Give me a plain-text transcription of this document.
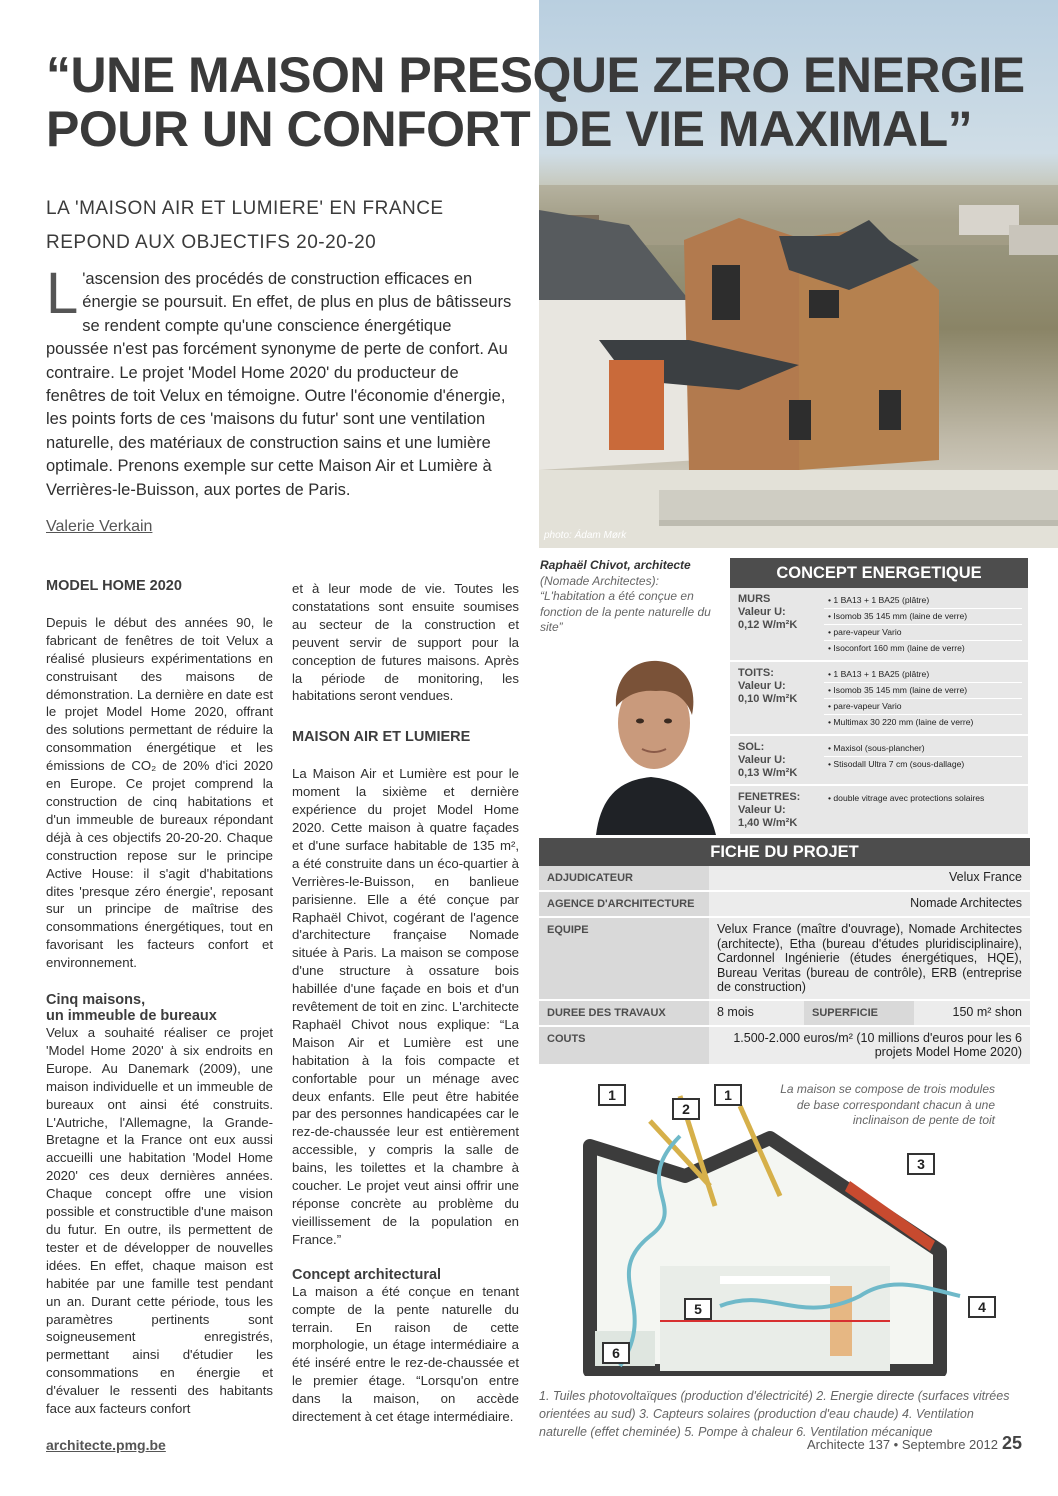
photo: Ádam Mørk
“UNE MAISON PRESQUE ZERO ENERGIE
POUR UN CONFORT DE VIE MAXIMAL”
LA 'MAISON AIR ET LUMIERE' EN FRANCE
REPOND AUX OBJECTIFS 20-20-20
L 'ascension des procédés de construction efficaces en énergie se poursuit. En effet, de plus en plus de bâtisseurs se rendent compte qu'une conscience énergétique poussée n'est pas forcément synonyme de perte de confort. Au contraire. Le projet 'Model Home 2020' du producteur de fenêtres de toit Velux en témoigne. Outre l'économie d'énergie, les points forts de ces 'maisons du futur' sont une ventilation naturelle, des matériaux de construction sains et une lumière optimale. Prenons exemple sur cette Maison Air et Lumière à Verrières-le-Buisson, aux portes de Paris.
Valerie Verkain
MODEL HOME 2020

Depuis le début des années 90, le fabricant de fenêtres de toit Velux a réalisé plusieurs expérimentations en construisant des maisons de démonstration. La dernière en date est le projet Model Home 2020, offrant des solutions permettant de réduire la consommation énergétique et les émissions de CO₂ de 20% d'ici 2020 en Europe. Ce projet comprend la construction de cinq habitations et d'un immeuble de bureaux répondant déjà à ces objectifs 20-20-20. Chaque construction repose sur le principe Active House: il s'agit d'habitations dites 'presque zéro énergie', reposant sur un principe de maîtrise des consommations énergétiques, tout en favorisant les facteurs confort et environnement.

Cinq maisons,
un immeuble de bureaux

Velux a souhaité réaliser ce projet 'Model Home 2020' à six endroits en Europe. Au Danemark (2009), une maison individuelle et un immeuble de bureaux ont ainsi été construits. L'Autriche, l'Allemagne, la Grande-Bretagne et la France ont eux aussi accueilli une habitation 'Model Home 2020' ces deux dernières années. Chaque concept offre une vision possible et constructible d'une maison du futur. En outre, ils permettent de tester et de développer de nouvelles idées. En effet, chaque maison est habitée par une famille test pendant un an. Durant cette période, tous les paramètres pertinents sont soigneusement enregistrés, permettant ainsi d'étudier les consommations en énergie et d'évaluer le ressenti des habitants face aux facteurs confort

et à leur mode de vie. Toutes les constatations sont ensuite soumises au secteur de la construction et peuvent servir de support pour la conception de futures maisons. Après la période de monitoring, les habitations seront vendues.

MAISON AIR ET LUMIERE

La Maison Air et Lumière est pour le moment la sixième et dernière expérience du projet Model Home 2020. Cette maison à quatre façades et d'une surface habitable de 135 m², a été construite dans un éco-quartier à Verrières-le-Buisson, en banlieue parisienne. Elle a été conçue par Raphaël Chivot, cogérant de l'agence d'architecture française Nomade située à Paris. La maison se compose d'une structure à ossature bois habillée d'une façade en bois et d'un revêtement de toit en zinc. L'architecte Raphaël Chivot nous explique: “La Maison Air et Lumière est une habitation à la fois compacte et confortable pour un ménage avec deux enfants. Elle peut être habitée par des personnes handicapées car le rez-de-chaussée leur est entièrement accessible, y compris la salle de bains, les toilettes et la chambre à coucher. Le projet veut ainsi offrir une réponse concrète au problème du vieillissement de la population en France.”

Concept architectural

La maison a été conçue en tenant compte de la pente naturelle du terrain. En raison de cette morphologie, un étage intermédiaire a été inséré entre le rez-de-chaussée et le premier étage. “Lorsqu'on entre dans la maison, on accède directement à cet étage intermédiaire.

Raphaël Chivot, architecte
(Nomade Architectes):
“L'habitation a été conçue en fonction de la pente naturelle du site”
CONCEPT ENERGETIQUE
MURS
Valeur U:
0,12 W/m²K
• 1 BA13 + 1 BA25 (plâtre)
• Isomob 35 145 mm (laine de verre)
• pare-vapeur Vario
• Isoconfort 160 mm (laine de verre)
TOITS:
Valeur U:
0,10 W/m²K
• 1 BA13 + 1 BA25 (plâtre)
• Isomob 35 145 mm (laine de verre)
• pare-vapeur Vario
• Multimax 30 220 mm (laine de verre)
SOL:
Valeur U:
0,13 W/m²K
• Maxisol (sous-plancher)
• Stisodall Ultra 7 cm (sous-dallage)
FENETRES:
Valeur U:
1,40 W/m²K
• double vitrage avec protections solaires
FICHE DU PROJET
ADJUDICATEUR	Velux France
AGENCE D'ARCHITECTURE	Nomade Architectes
EQUIPE	Velux France (maître d'ouvrage), Nomade Architectes (architecte), Etha (bureau d'études pluridisciplinaire), Cardonnel Ingénierie (études énergétiques, HQE), Bureau Veritas (bureau de contrôle), ERB (entreprise de construction)
DUREE DES TRAVAUX	8 mois	SUPERFICIE	150 m² shon
COUTS	1.500-2.000 euros/m² (10 millions d'euros pour les 6 projets Model Home 2020)
1
2
1
3
4
5
6
La maison se compose de trois modules de base correspondant chacun à une inclinaison de pente de toit
1. Tuiles photovoltaïques (production d'électricité) 2. Energie directe (surfaces vitrées orientées au sud) 3. Capteurs solaires (production d'eau chaude) 4. Ventilation naturelle (effet cheminée) 5. Pompe à chaleur 6. Ventilation mécanique
architecte.pmg.be	Architecte 137 • Septembre 2012 25
